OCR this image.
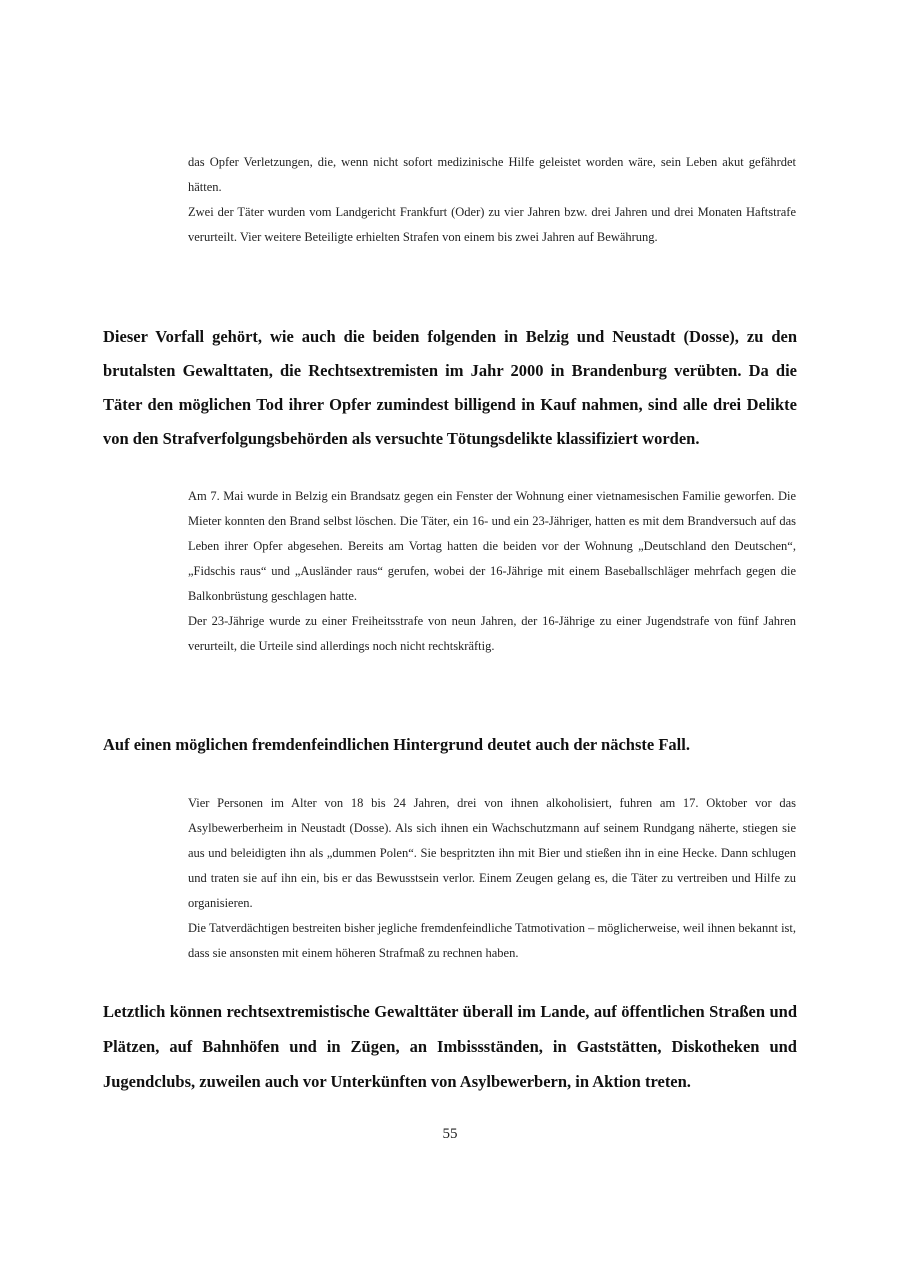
das Opfer Verletzungen, die, wenn nicht sofort medizinische Hilfe geleistet worden wäre, sein Leben akut gefährdet hätten.

Zwei der Täter wurden vom Landgericht Frankfurt (Oder) zu vier Jahren bzw. drei Jahren und drei Monaten Haftstrafe verurteilt. Vier weitere Beteiligte erhielten Strafen von einem bis zwei Jahren auf Bewährung.

Dieser Vorfall gehört, wie auch die beiden folgenden in Belzig und Neustadt (Dosse), zu den brutalsten Gewalttaten, die Rechtsextremisten im Jahr 2000 in Brandenburg verübten. Da die Täter den möglichen Tod ihrer Opfer zumindest billigend in Kauf nahmen, sind alle drei Delikte von den Strafverfolgungsbehörden als versuchte Tötungsdelikte klassifiziert worden.

Am 7. Mai wurde in Belzig ein Brandsatz gegen ein Fenster der Wohnung einer vietnamesischen Familie geworfen. Die Mieter konnten den Brand selbst löschen. Die Täter, ein 16- und ein 23-Jähriger, hatten es mit dem Brandversuch auf das Leben ihrer Opfer abgesehen. Bereits am Vortag hatten die beiden vor der Wohnung „Deutschland den Deutschen“, „Fidschis raus“ und „Ausländer raus“ gerufen, wobei der 16-Jährige mit einem Baseballschläger mehrfach gegen die Balkonbrüstung geschlagen hatte.

Der 23-Jährige wurde zu einer Freiheitsstrafe von neun Jahren, der 16-Jährige zu einer Jugendstrafe von fünf Jahren verurteilt, die Urteile sind allerdings noch nicht rechtskräftig.

Auf einen möglichen fremdenfeindlichen Hintergrund deutet auch der nächste Fall.

Vier Personen im Alter von 18 bis 24 Jahren, drei von ihnen alkoholisiert, fuhren am 17. Oktober vor das Asylbewerberheim in Neustadt (Dosse). Als sich ihnen ein Wachschutzmann auf seinem Rundgang näherte, stiegen sie aus und beleidigten ihn als „dummen Polen“. Sie bespritzten ihn mit Bier und stießen ihn in eine Hecke. Dann schlugen und traten sie auf ihn ein, bis er das Bewusstsein verlor. Einem Zeugen gelang es, die Täter zu vertreiben und Hilfe zu organisieren.

Die Tatverdächtigen bestreiten bisher jegliche fremdenfeindliche Tatmotivation – möglicherweise, weil ihnen bekannt ist, dass sie ansonsten mit einem höheren Strafmaß zu rechnen haben.

Letztlich können rechtsextremistische Gewalttäter überall im Lande, auf öffentlichen Straßen und Plätzen, auf Bahnhöfen und in Zügen, an Imbissständen, in Gaststätten, Diskotheken und Jugendclubs, zuweilen auch vor Unterkünften von Asylbewerbern, in Aktion treten.

55
